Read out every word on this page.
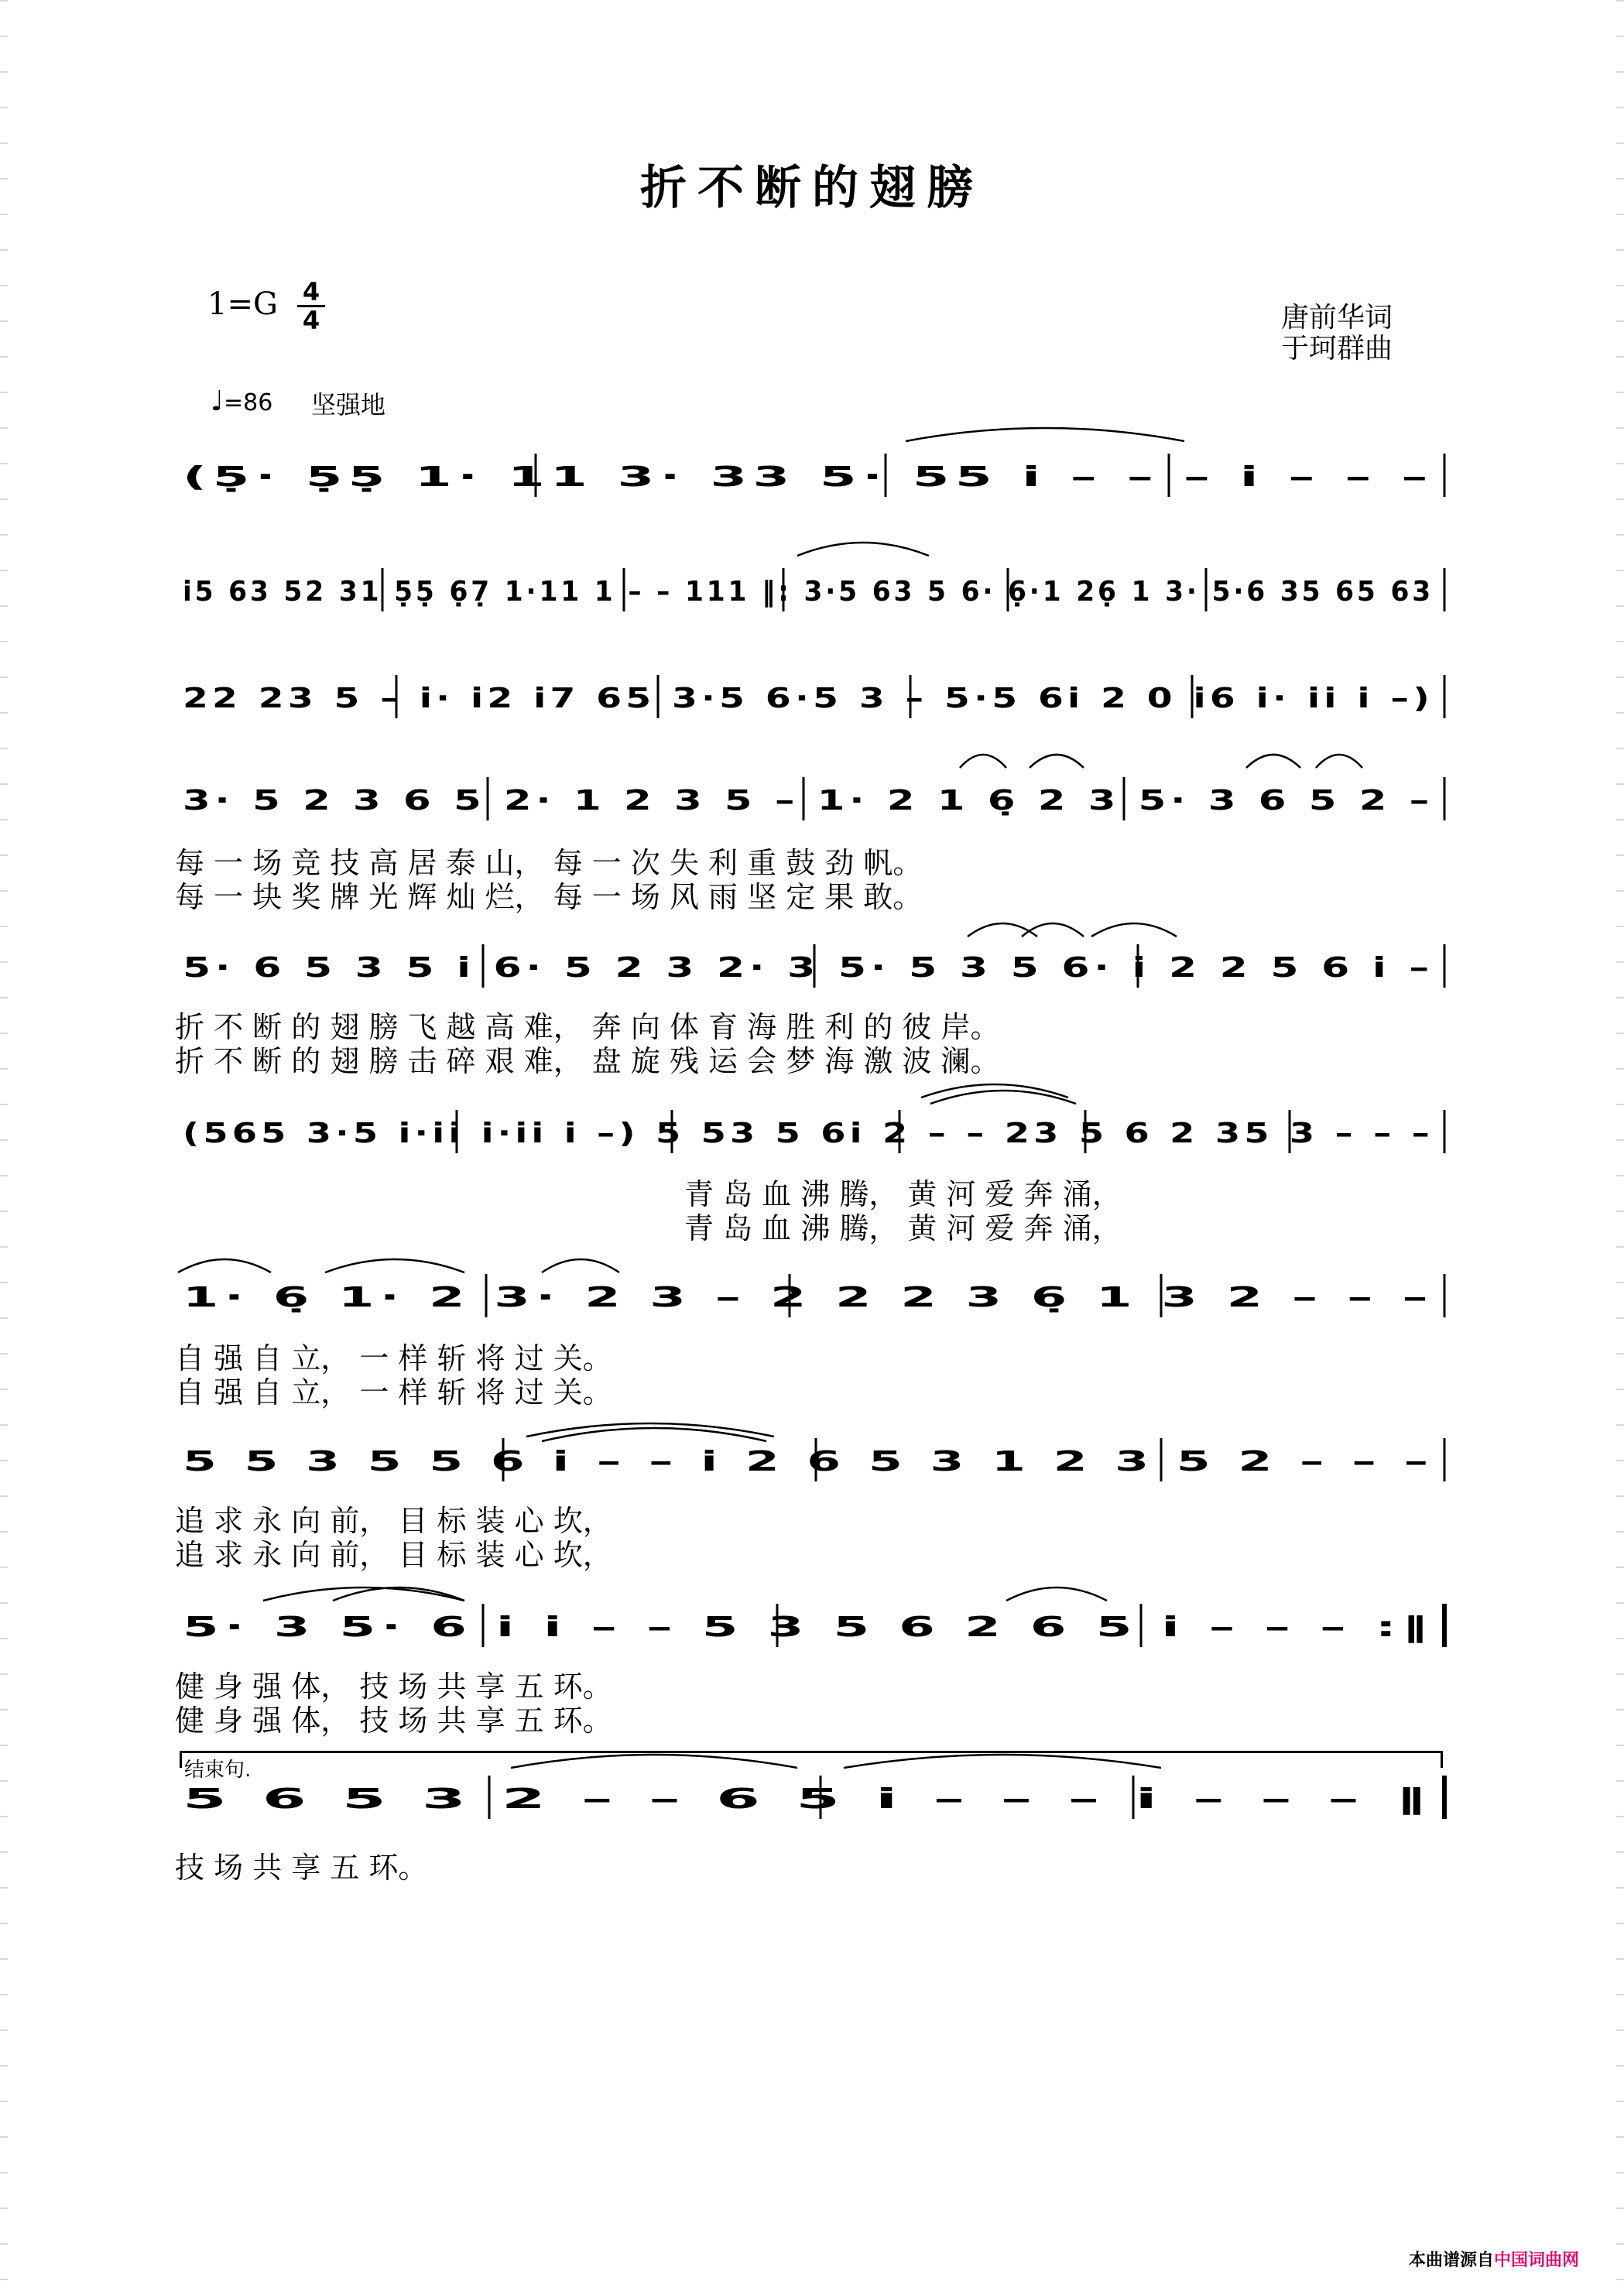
折不断的翅膀
1=G 4
4	唐前华词
于珂群曲
♩=86 坚强地
(5̣· 5̣5̣ 1· 11 3· 33 5· 55 i – – – i – – –
i5 63 52 31 5̣5̣ 6̣7̣ 1·11 1 – – 111 ‖: 3·5 63 5 6· 6̣·1 26̣ 1 3· 5·6 35 65 63
22 23 5 – i· i2 i7 65 3·5 6·5 3 – 5·5 6i 2 0 i6 i· ii i –)
3· 5 2 3 6 5 2· 1 2 3 5 – 1· 2 1 6̣ 2 3 5· 3 6 5 2 –
5· 6 5 3 5 i 6· 5 2 3 2· 3 5· 5 3 5 6· i 2 2 5 6 i –
(565 3·5 i·ii i·ii i –) 5 53 5 6i 2 – – 23 5 6 2 35 3 – – –
1· 6̣ 1· 2 3· 2 3 – 2 2 2 3 6̣ 1 3 2 – – –
5 5 3 5 5 6 i – – i 2 6 5 3 1 2 3 5 2 – – –
5· 3 5· 6 i i – – 5 3 5 6 2 6 5 i – – – :‖
5 6 5 3 2 – – 6 5 i – – – i – – – ‖
每 一 场 竞 技 高 居 泰 山， 每 一 次 失 利 重 鼓 劲 帆。
每 一 块 奖 牌 光 辉 灿 烂， 每 一 场 风 雨 坚 定 果 敢。
折 不 断 的 翅 膀 飞 越 高 难， 奔 向 体 育 海 胜 利 的 彼 岸。
折 不 断 的 翅 膀 击 碎 艰 难， 盘 旋 残 运 会 梦 海 激 波 澜。
青 岛 血 沸 腾， 黄 河 爱 奔 涌，
青 岛 血 沸 腾， 黄 河 爱 奔 涌，
自 强 自 立， 一 样 斩 将 过 关。
自 强 自 立， 一 样 斩 将 过 关。
追 求 永 向 前， 目 标 装 心 坎，
追 求 永 向 前， 目 标 装 心 坎，
健 身 强 体， 技 场 共 享 五 环。
健 身 强 体， 技 场 共 享 五 环。
结束句.
技 场 共 享 五 环。
本曲谱源自中国词曲网
